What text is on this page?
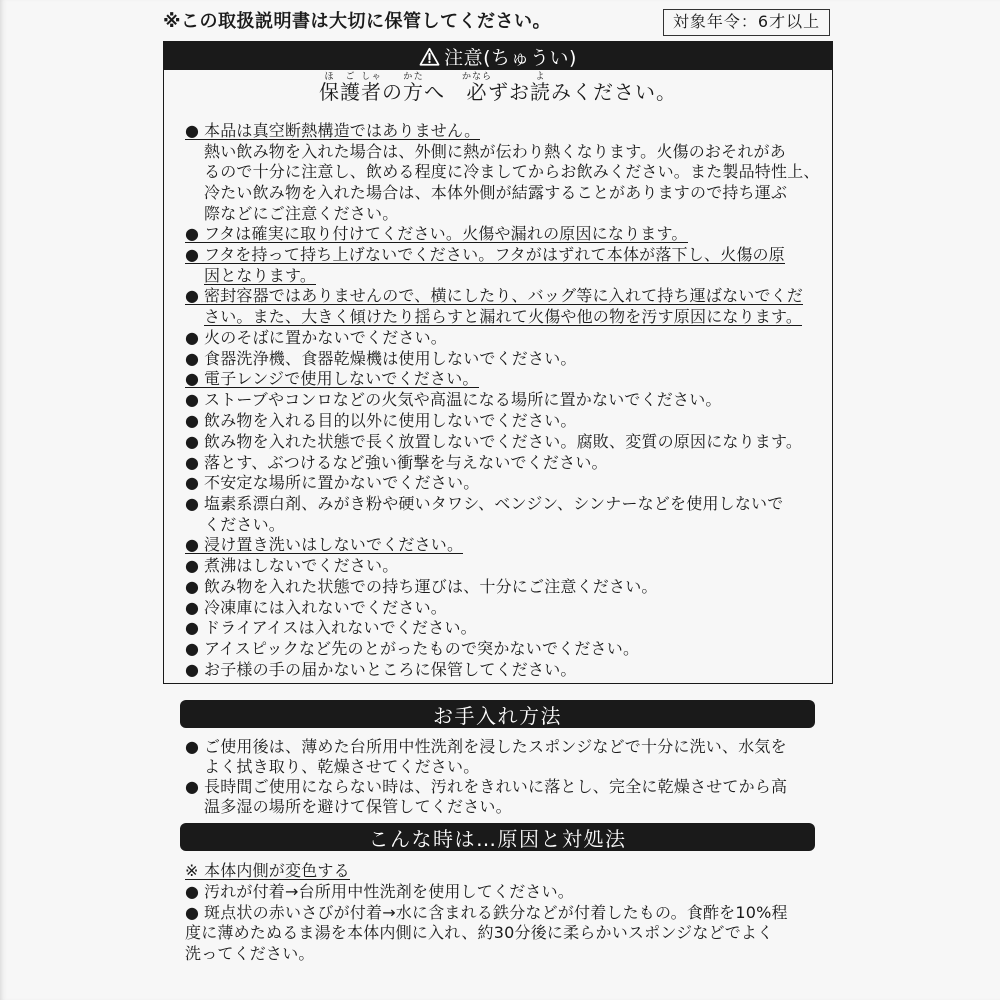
※この取扱説明書は大切に保管してください。	対象年令：6才以上
注意(ちゅうい)
保護ほご者しゃの方かたへ　必かならずお読よみください。
● 本品は真空断熱構造ではありません。
熱い飲み物を入れた場合は、外側に熱が伝わり熱くなります。火傷のおそれがあ
るので十分に注意し、飲める程度に冷ましてからお飲みください。また製品特性上、
冷たい飲み物を入れた場合は、本体外側が結露することがありますので持ち運ぶ
際などにご注意ください。
● フタは確実に取り付けてください。火傷や漏れの原因になります。
● フタを持って持ち上げないでください。フタがはずれて本体が落下し、火傷の原
因となります。
● 密封容器ではありませんので、横にしたり、バッグ等に入れて持ち運ばないでくだ
さい。また、大きく傾けたり揺らすと漏れて火傷や他の物を汚す原因になります。
● 火のそばに置かないでください。
● 食器洗浄機、食器乾燥機は使用しないでください。
● 電子レンジで使用しないでください。
● ストーブやコンロなどの火気や高温になる場所に置かないでください。
● 飲み物を入れる目的以外に使用しないでください。
● 飲み物を入れた状態で長く放置しないでください。腐敗、変質の原因になります。
● 落とす、ぶつけるなど強い衝撃を与えないでください。
● 不安定な場所に置かないでください。
● 塩素系漂白剤、みがき粉や硬いタワシ、ベンジン、シンナーなどを使用しないで
ください。
● 浸け置き洗いはしないでください。
● 煮沸はしないでください。
● 飲み物を入れた状態での持ち運びは、十分にご注意ください。
● 冷凍庫には入れないでください。
● ドライアイスは入れないでください。
● アイスピックなど先のとがったもので突かないでください。
● お子様の手の届かないところに保管してください。
お手入れ方法
● ご使用後は、薄めた台所用中性洗剤を浸したスポンジなどで十分に洗い、水気を
よく拭き取り、乾燥させてください。
● 長時間ご使用にならない時は、汚れをきれいに落とし、完全に乾燥させてから高
温多湿の場所を避けて保管してください。
こんな時は…原因と対処法
※ 本体内側が変色する
● 汚れが付着→台所用中性洗剤を使用してください。
● 斑点状の赤いさびが付着→水に含まれる鉄分などが付着したもの。食酢を10%程
度に薄めたぬるま湯を本体内側に入れ、約30分後に柔らかいスポンジなどでよく
洗ってください。
